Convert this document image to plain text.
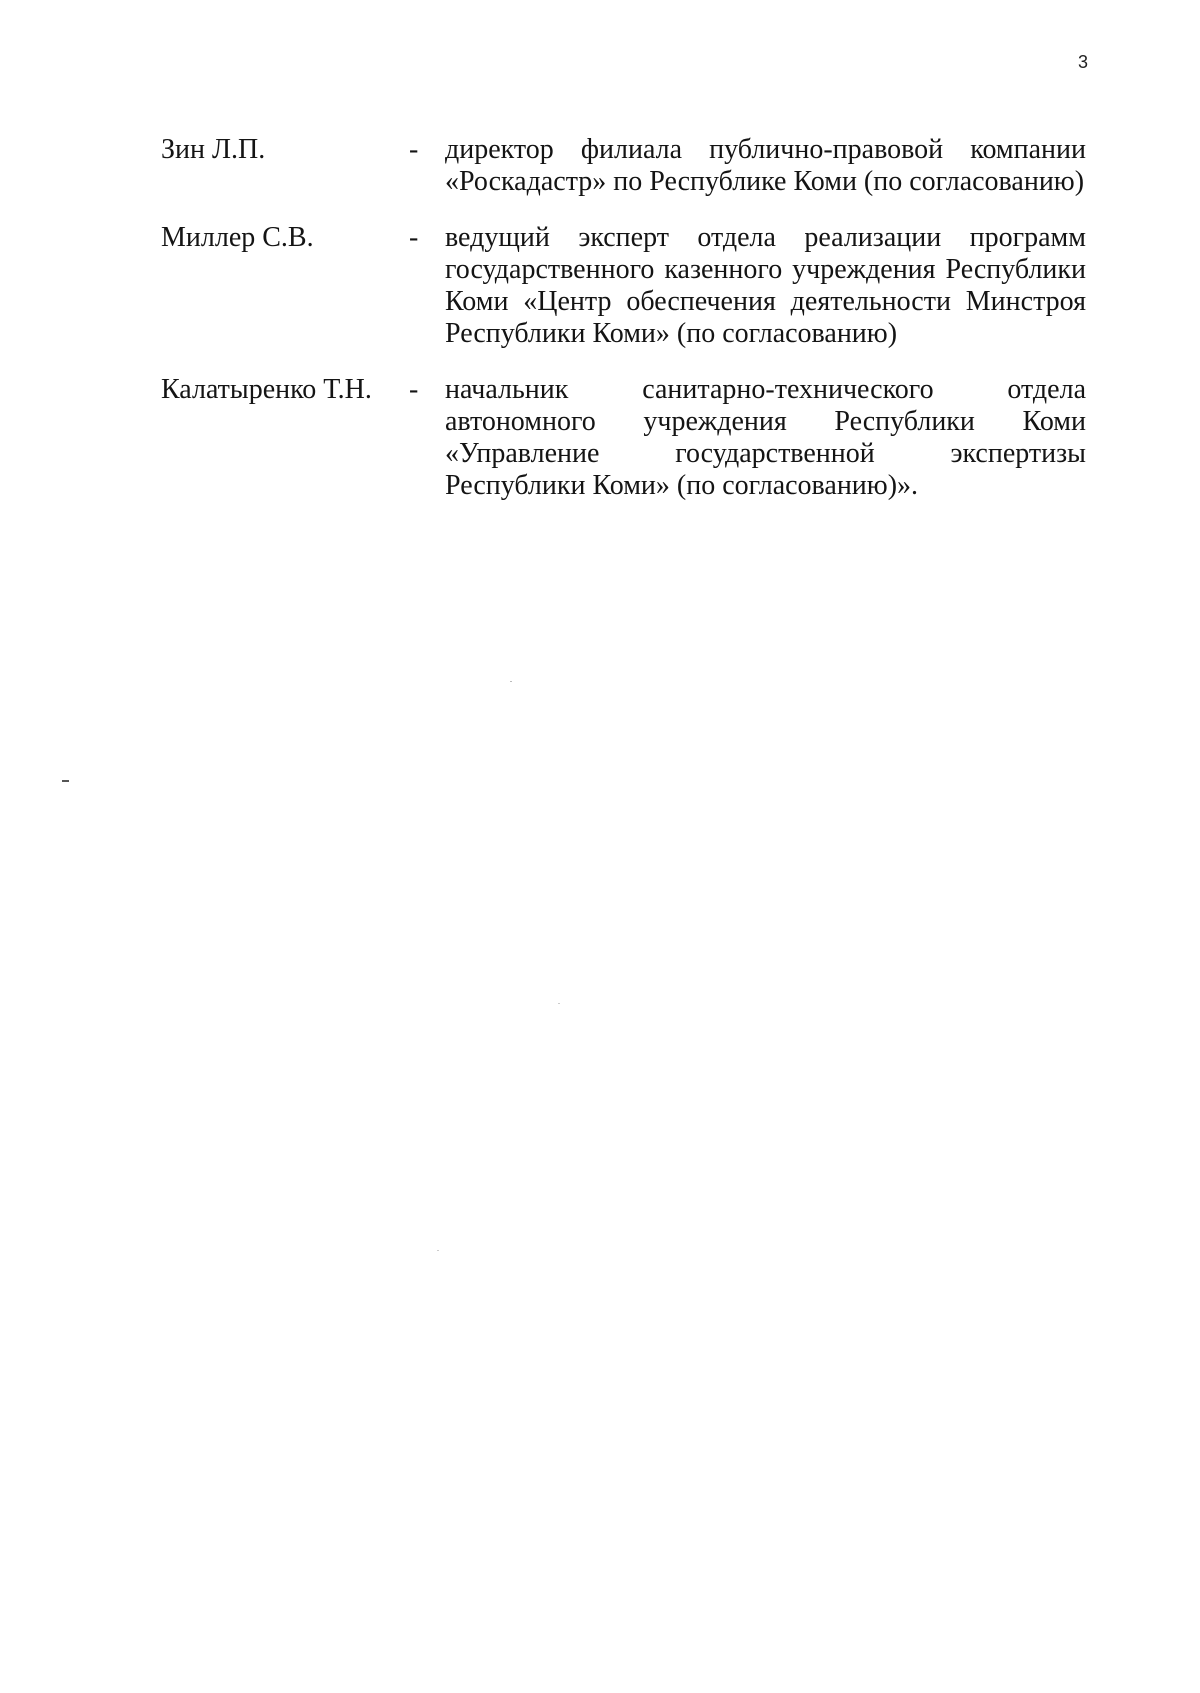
3
Зин Л.П.	- директор филиала публично-правовой компании «Роскадастр» по Республике Коми (по согласованию)
Миллер С.В.	- ведущий эксперт отдела реализации программ государственного казенного учреждения Республики Коми «Центр обеспечения деятельности Минстроя Республики Коми» (по согласованию)
Калатыренко Т.Н.	- начальник санитарно-технического отдела автономного учреждения Республики Коми «Управление государственной экспертизы Республики Коми» (по согласованию)».
